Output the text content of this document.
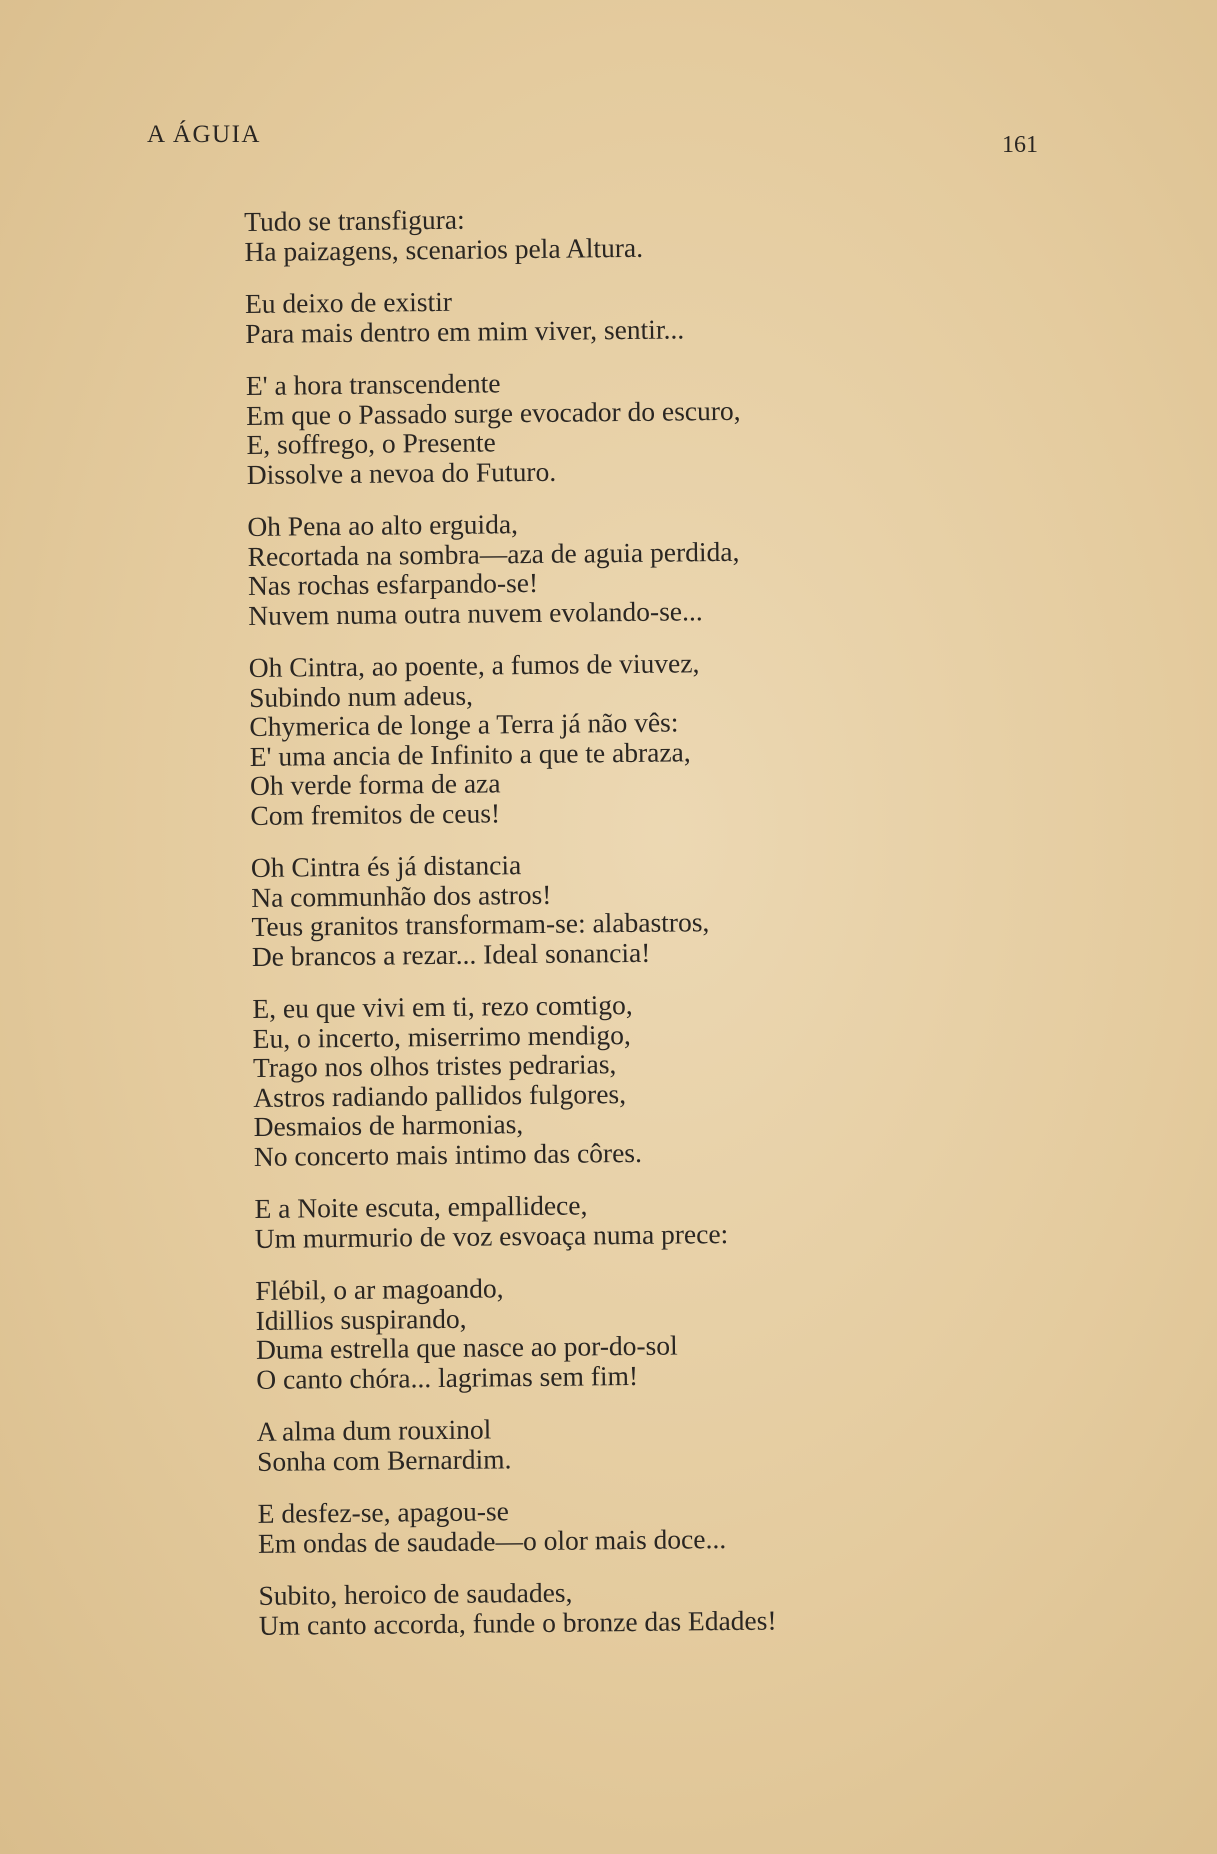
A ÁGUIA	161
Tudo se transfigura:
Ha paizagens, scenarios pela Altura.
Eu deixo de existir
Para mais dentro em mim viver, sentir...
E' a hora transcendente
Em que o Passado surge evocador do escuro,
E, soffrego, o Presente
Dissolve a nevoa do Futuro.
Oh Pena ao alto erguida,
Recortada na sombra—aza de aguia perdida,
Nas rochas esfarpando-se!
Nuvem numa outra nuvem evolando-se...
Oh Cintra, ao poente, a fumos de viuvez,
Subindo num adeus,
Chymerica de longe a Terra já não vês:
E' uma ancia de Infinito a que te abraza,
Oh verde forma de aza
Com fremitos de ceus!
Oh Cintra és já distancia
Na communhão dos astros!
Teus granitos transformam-se: alabastros,
De brancos a rezar... Ideal sonancia!
E, eu que vivi em ti, rezo comtigo,
Eu, o incerto, miserrimo mendigo,
Trago nos olhos tristes pedrarias,
Astros radiando pallidos fulgores,
Desmaios de harmonias,
No concerto mais intimo das côres.
E a Noite escuta, empallidece,
Um murmurio de voz esvoaça numa prece:
Flébil, o ar magoando,
Idillios suspirando,
Duma estrella que nasce ao por-do-sol
O canto chóra... lagrimas sem fim!
A alma dum rouxinol
Sonha com Bernardim.
E desfez-se, apagou-se
Em ondas de saudade—o olor mais doce...
Subito, heroico de saudades,
Um canto accorda, funde o bronze das Edades!
